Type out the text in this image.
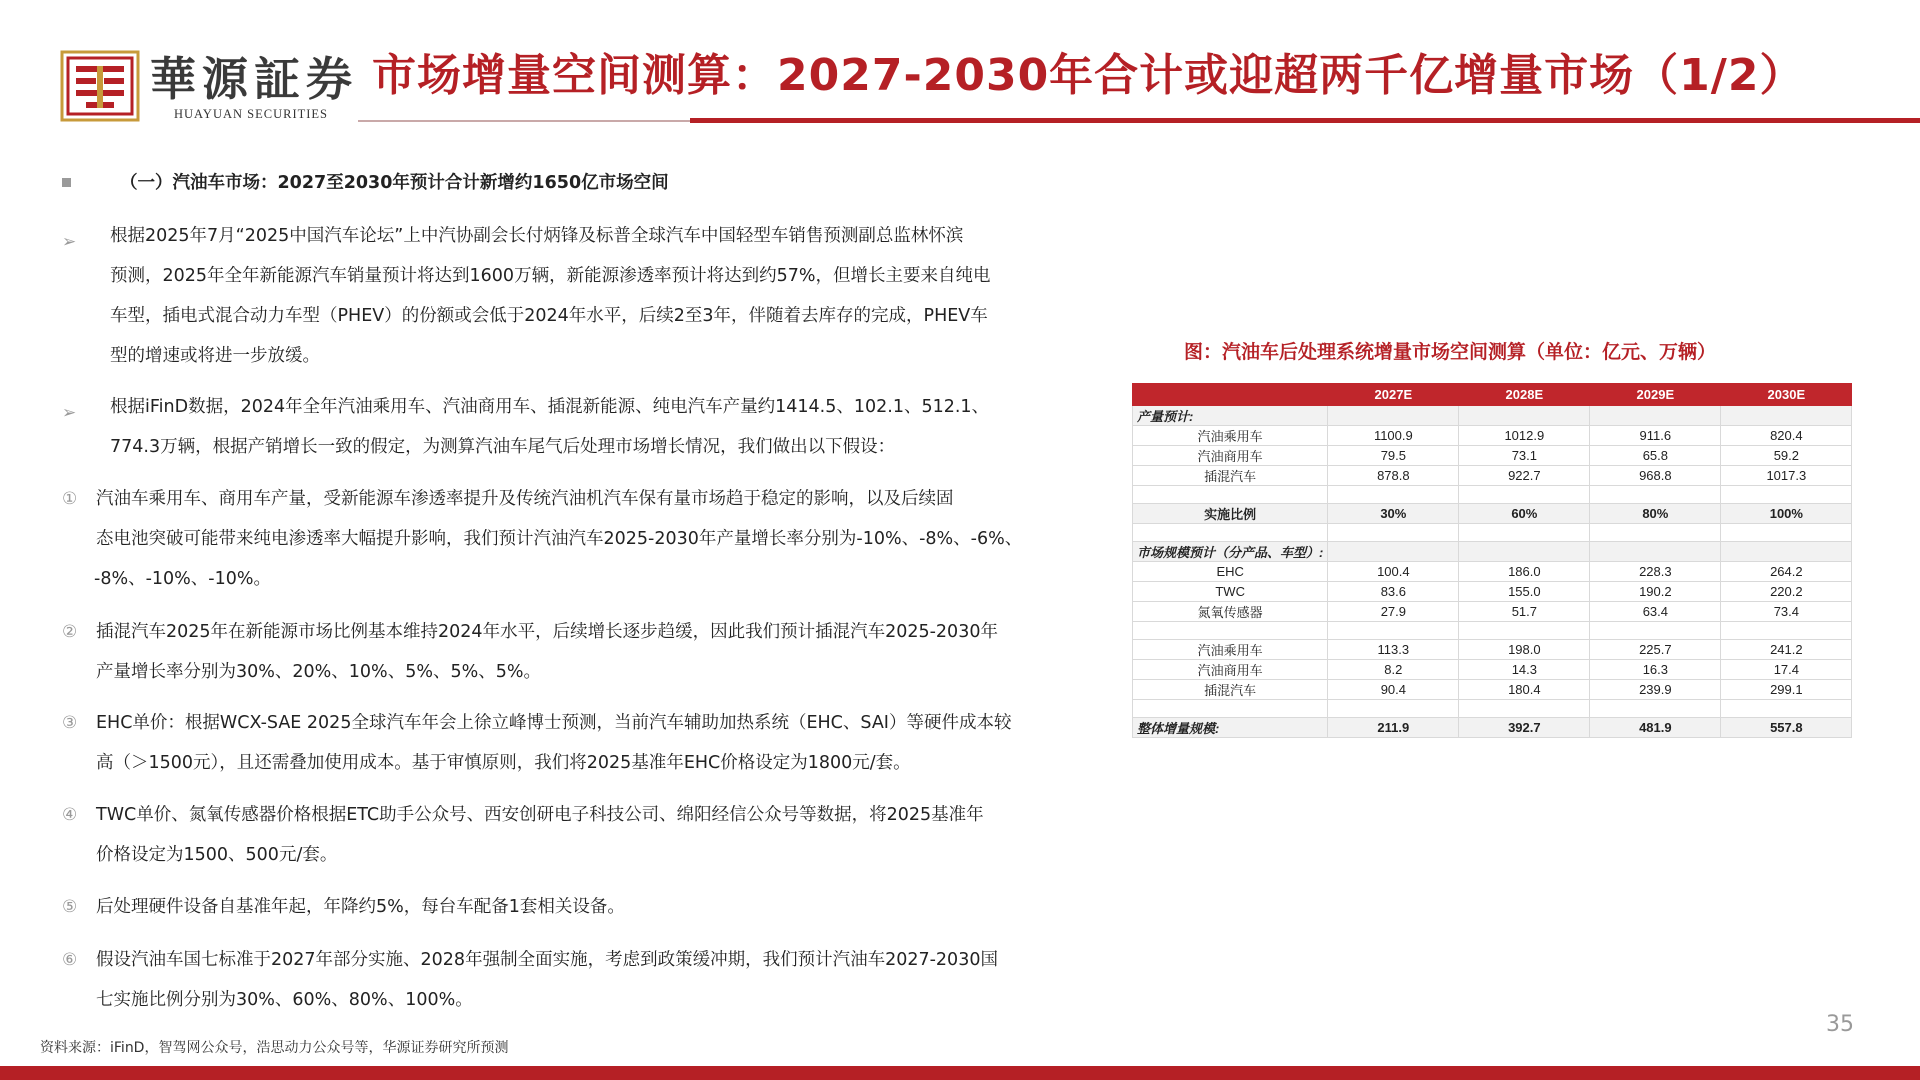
華源証券
HUAYUAN SECURITIES
市场增量空间测算：2027-2030年合计或迎超两千亿增量市场（1/2）
（一）汽油车市场：2027至2030年预计合计新增约1650亿市场空间
➢ 根据2025年7月“2025中国汽车论坛”上中汽协副会长付炳锋及标普全球汽车中国轻型车销售预测副总监林怀滨
预测，2025年全年新能源汽车销量预计将达到1600万辆，新能源渗透率预计将达到约57%，但增长主要来自纯电
车型，插电式混合动力车型（PHEV）的份额或会低于2024年水平，后续2至3年，伴随着去库存的完成，PHEV车
型的增速或将进一步放缓。
➢ 根据iFinD数据，2024年全年汽油乘用车、汽油商用车、插混新能源、纯电汽车产量约1414.5、102.1、512.1、
774.3万辆，根据产销增长一致的假定，为测算汽油车尾气后处理市场增长情况，我们做出以下假设：
① 汽油车乘用车、商用车产量，受新能源车渗透率提升及传统汽油机汽车保有量市场趋于稳定的影响，以及后续固
态电池突破可能带来纯电渗透率大幅提升影响，我们预计汽油汽车2025-2030年产量增长率分别为-10%、-8%、-6%、
-8%、-10%、-10%。
② 插混汽车2025年在新能源市场比例基本维持2024年水平，后续增长逐步趋缓，因此我们预计插混汽车2025-2030年
产量增长率分别为30%、20%、10%、5%、5%、5%。
③ EHC单价：根据WCX-SAE 2025全球汽车年会上徐立峰博士预测，当前汽车辅助加热系统（EHC、SAI）等硬件成本较
高（＞1500元），且还需叠加使用成本。基于审慎原则，我们将2025基准年EHC价格设定为1800元/套。
④ TWC单价、氮氧传感器价格根据ETC助手公众号、西安创研电子科技公司、绵阳经信公众号等数据，将2025基准年
价格设定为1500、500元/套。
⑤ 后处理硬件设备自基准年起，年降约5%，每台车配备1套相关设备。
⑥ 假设汽油车国七标准于2027年部分实施、2028年强制全面实施，考虑到政策缓冲期，我们预计汽油车2027-2030国
七实施比例分别为30%、60%、80%、100%。
图：汽油车后处理系统增量市场空间测算（单位：亿元、万辆）
	2027E	2028E	2029E	2030E
产量预计:				
汽油乘用车	1100.9	1012.9	911.6	820.4
汽油商用车	79.5	73.1	65.8	59.2
插混汽车	878.8	922.7	968.8	1017.3

实施比例	30%	60%	80%	100%

市场规模预计（分产品、车型）:				
EHC	100.4	186.0	228.3	264.2
TWC	83.6	155.0	190.2	220.2
氮氧传感器	27.9	51.7	63.4	73.4

汽油乘用车	113.3	198.0	225.7	241.2
汽油商用车	8.2	14.3	16.3	17.4
插混汽车	90.4	180.4	239.9	299.1

整体增量规模:	211.9	392.7	481.9	557.8
35
资料来源：iFinD，智驾网公众号，浩思动力公众号等，华源证券研究所预测
